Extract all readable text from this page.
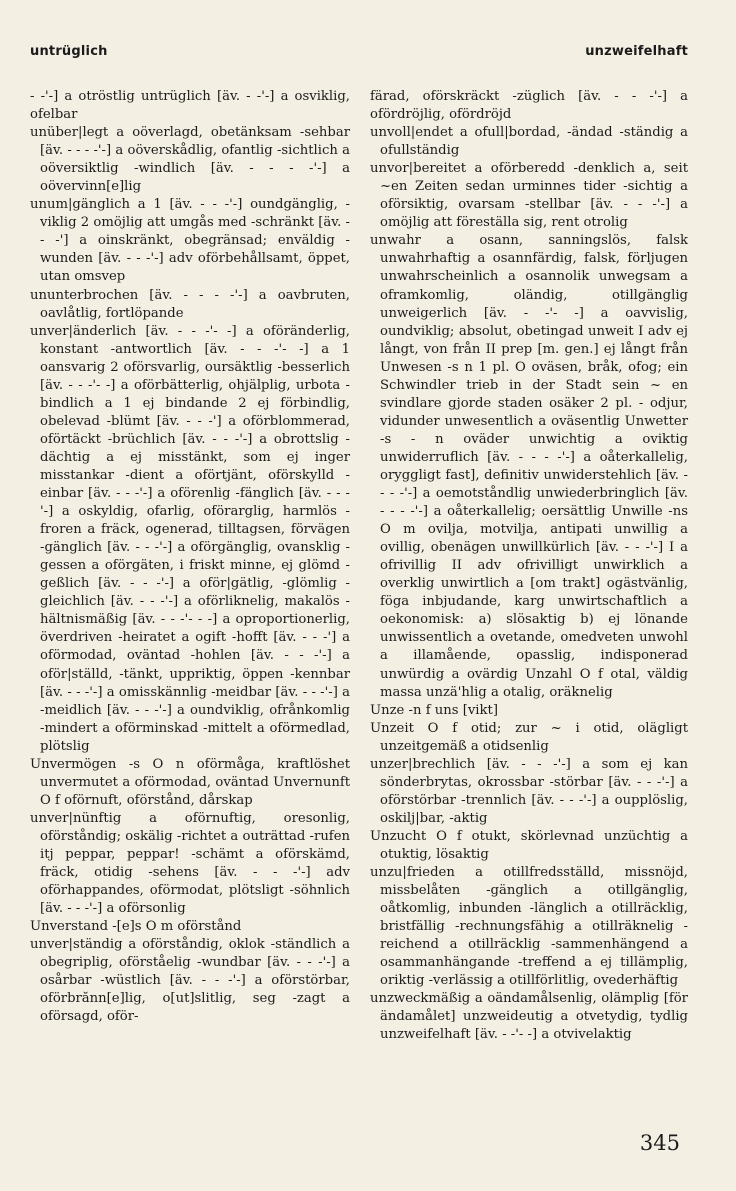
untrüglich	unzweifelhaft

- -'-] a otröstlig untrüglich [äv. - -'-] a osviklig, ofelbar

unüber|legt a oöverlagd, obetänksam -sehbar [äv. - - - -'-] a oöverskådlig, ofantlig -sichtlich a oöversiktlig -windlich [äv. - - - -'-] a oövervinn[e]lig

unum|gänglich a 1 [äv. - - -'-] oundgänglig, -viklig 2 omöjlig att umgås med -schränkt [äv. - - -'] a oinskränkt, obegränsad; enväldig -wunden [äv. - - -'-] adv oförbehållsamt, öppet, utan omsvep

ununterbrochen [äv. - - - -'-] a oavbruten, oavlåtlig, fortlöpande

unver|änderlich [äv. - - -'- -] a oföränderlig, konstant -antwortlich [äv. - - -'- -] a 1 oansvarig 2 oförsvarlig, oursäktlig -besserlich [äv. - - -'- -] a oförbätterlig, ohjälplig, urbota -bindlich a 1 ej bindande 2 ej förbindlig, obelevad -blümt [äv. - - -'] a oförblommerad, oförtäckt -brüchlich [äv. - - -'-] a obrottslig -dächtig a ej misstänkt, som ej inger misstankar -dient a oförtjänt, oförskylld -einbar [äv. - - -'-] a oförenlig -fänglich [äv. - - -'-] a oskyldig, ofarlig, oförarglig, harmlös -froren a fräck, ogenerad, tilltagsen, förvägen -gänglich [äv. - - -'-] a oförgänglig, ovansklig -gessen a oförgäten, i friskt minne, ej glömd -geßlich [äv. - - -'-] a oför|gätlig, -glömlig -gleichlich [äv. - - -'-] a oförliknelig, makalös -hältnismäßig [äv. - - -'- - -] a oproportionerlig, överdriven -heiratet a ogift -hofft [äv. - - -'] a oförmodad, oväntad -hohlen [äv. - - -'-] a oför|ställd, -tänkt, uppriktig, öppen -kennbar [äv. - - -'-] a omisskännlig -meidbar [äv. - - -'-] a -meidlich [äv. - - -'-] a oundviklig, ofrånkomlig -mindert a oförminskad -mittelt a oförmedlad, plötslig

Unvermögen -s O n oförmåga, kraftlöshet unvermutet a oförmodad, oväntad Unvernunft O f oförnuft, oförstånd, dårskap

unver|nünftig a oförnuftig, oresonlig, oförståndig; oskälig -richtet a outrättad -rufen itj peppar, peppar! -schämt a oförskämd, fräck, otidig -sehens [äv. - - -'-] adv oförhappandes, oförmodat, plötsligt -söhnlich [äv. - - -'-] a oförsonlig

Unverstand -[e]s O m oförstånd

unver|ständig a oförståndig, oklok -ständlich a obegriplig, oförståelig -wundbar [äv. - - -'-] a osårbar -wüstlich [äv. - - -'-] a oförstörbar, oförbrănn[e]lig, o[ut]slitlig, seg -zagt a oförsagd, oför-

färad, oförskräckt -züglich [äv. - - -'-] a ofördröjlig, ofördröjd

unvoll|endet a ofull|bordad, -ändad -ständig a ofullständig

unvor|bereitet a oförberedd -denklich a, seit ~en Zeiten sedan urminnes tider -sichtig a oförsiktig, ovarsam -stellbar [äv. - - -'-] a omöjlig att föreställa sig, rent otrolig

unwahr a osann, sanningslös, falsk unwahrhaftig a osannfärdig, falsk, förljugen unwahrscheinlich a osannolik unwegsam a oframkomlig, oländig, otillgänglig unweigerlich [äv. - -'- -] a oavvislig, oundviklig; absolut, obetingad unweit I adv ej långt, von från II prep [m. gen.] ej långt från Unwesen -s n 1 pl. O oväsen, bråk, ofog; ein Schwindler trieb in der Stadt sein ~ en svindlare gjorde staden osäker 2 pl. - odjur, vidunder unwesentlich a oväsentlig Unwetter -s - n oväder unwichtig a oviktig unwiderruflich [äv. - - - -'-] a oåterkallelig, oryggligt fast], definitiv unwiderstehlich [äv. - - - -'-] a oemotståndlig unwiederbringlich [äv. - - - -'-] a oåterkallelig; oersättlig Unwille -ns O m ovilja, motvilja, antipati unwillig a ovillig, obenägen unwillkürlich [äv. - - -'-] I a ofrivillig II adv ofrivilligt unwirklich a overklig unwirtlich a [om trakt] ogästvänlig, föga inbjudande, karg unwirtschaftlich a oekonomisk: a) slösaktig b) ej lönande unwissentlich a ovetande, omedveten unwohl a illamående, opasslig, indisponerad unwürdig a ovärdig Unzahl O f otal, väldig massa unzä'hlig a otalig, oräknelig

Unze -n f uns [vikt]

Unzeit O f otid; zur ~ i otid, olägligt unzeitgemäß a otidsenlig

unzer|brechlich [äv. - - -'-] a som ej kan sönderbrytas, okrossbar -störbar [äv. - - -'-] a oförstörbar -trennlich [äv. - - -'-] a oupplöslig, oskilj|bar, -aktig

Unzucht O f otukt, skörlevnad unzüchtig a otuktig, lösaktig

unzu|frieden a otillfredsställd, missnöjd, missbelåten -gänglich a otillgänglig, oåtkomlig, inbunden -länglich a otillräcklig, bristfällig -rechnungsfähig a otillräknelig -reichend a otillräcklig -sammenhängend a osammanhängande -treffend a ej tillämplig, oriktig -verlässig a otillförlitlig, ovederhäftig

unzweckmäßig a oändamålsenlig, olämplig [för ändamålet] unzweideutig a otvetydig, tydlig unzweifelhaft [äv. - -'- -] a otvivelaktig

345
